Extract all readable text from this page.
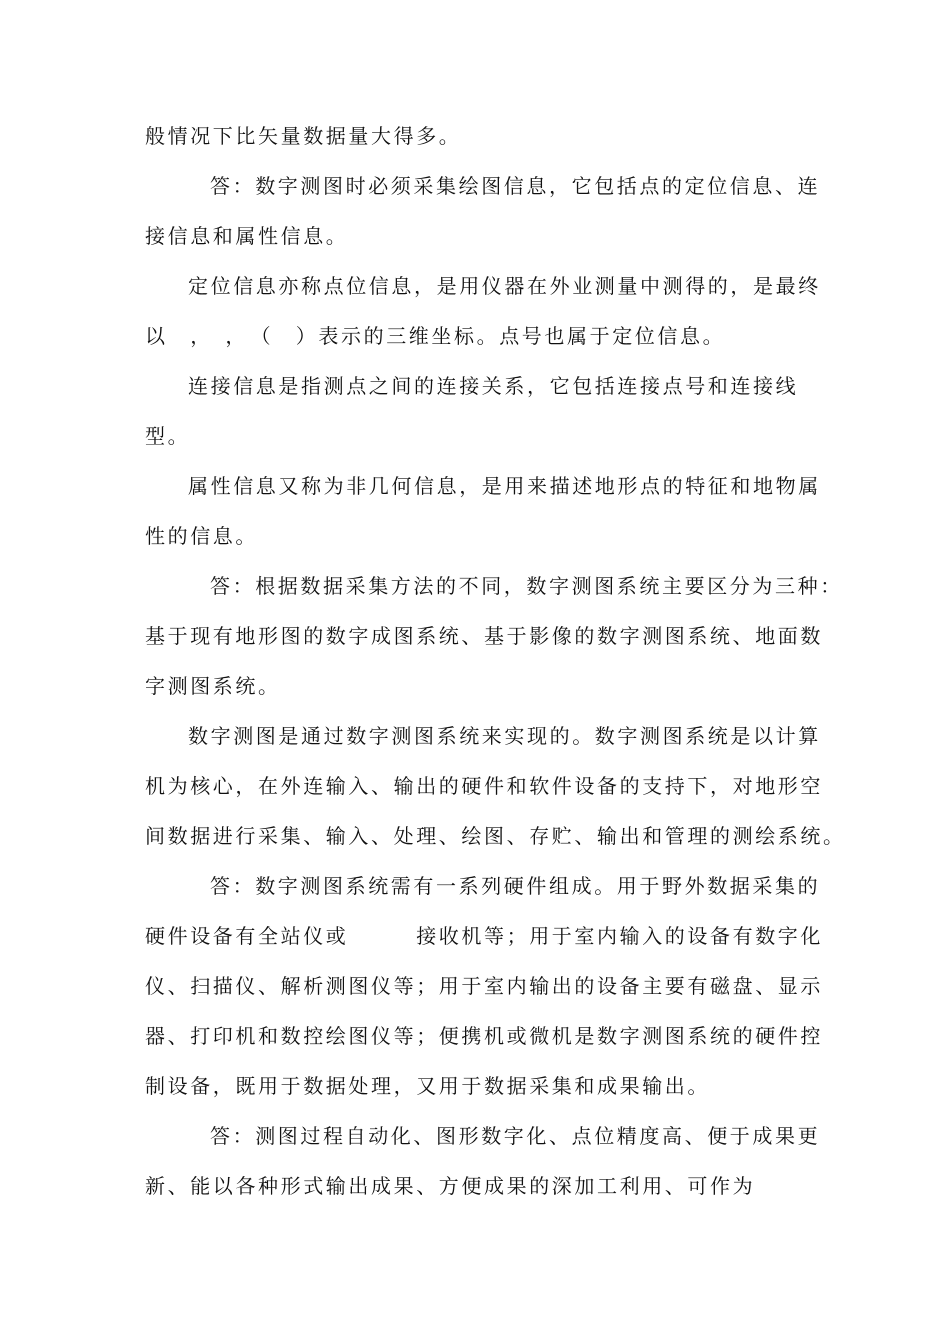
般情况下比矢量数据量大得多。
答：数字测图时必须采集绘图信息，它包括点的定位信息、连
接信息和属性信息。
定位信息亦称点位信息，是用仪器在外业测量中测得的，是最终
以　，　，　（　）表示的三维坐标。点号也属于定位信息。
连接信息是指测点之间的连接关系，它包括连接点号和连接线
型。
属性信息又称为非几何信息，是用来描述地形点的特征和地物属
性的信息。
答：根据数据采集方法的不同，数字测图系统主要区分为三种：
基于现有地形图的数字成图系统、基于影像的数字测图系统、地面数
字测图系统。
数字测图是通过数字测图系统来实现的。数字测图系统是以计算
机为核心，在外连输入、输出的硬件和软件设备的支持下，对地形空
间数据进行采集、输入、处理、绘图、存贮、输出和管理的测绘系统。
答：数字测图系统需有一系列硬件组成。用于野外数据采集的
硬件设备有全站仪或　　　接收机等；用于室内输入的设备有数字化
仪、扫描仪、解析测图仪等；用于室内输出的设备主要有磁盘、显示
器、打印机和数控绘图仪等；便携机或微机是数字测图系统的硬件控
制设备，既用于数据处理，又用于数据采集和成果输出。
答：测图过程自动化、图形数字化、点位精度高、便于成果更
新、能以各种形式输出成果、方便成果的深加工利用、可作为
